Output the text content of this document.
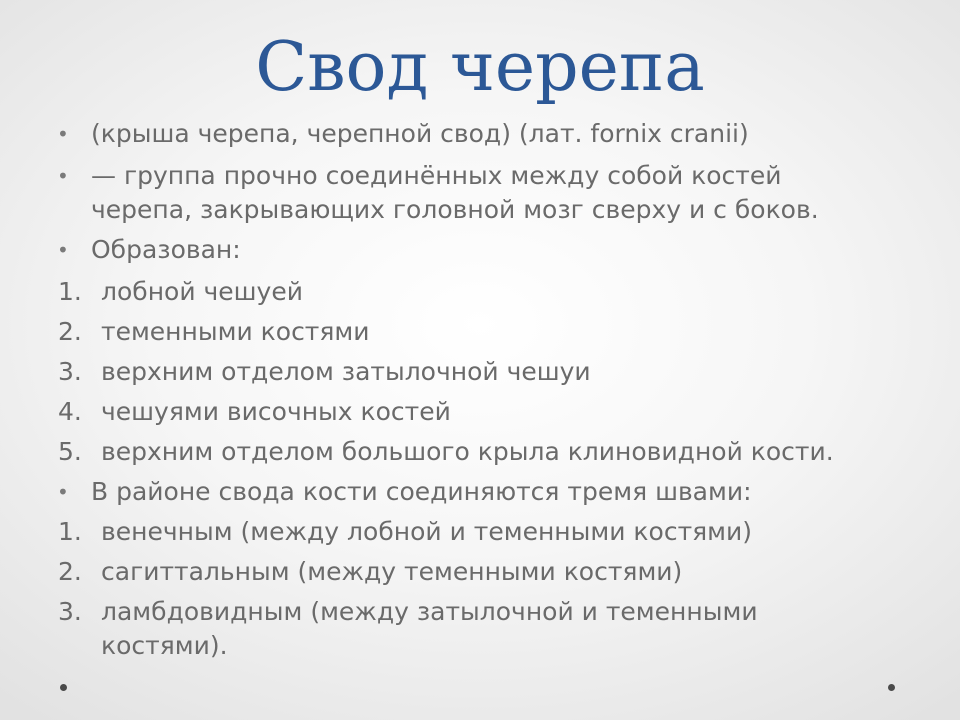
Свод черепа
• (крыша черепа, черепной свод) (лат. fornix cranii)
• — группа прочно соединённых между собой костей
черепа, закрывающих головной мозг сверху и с боков.
• Образован:
1. лобной чешуей
2. теменными костями
3. верхним отделом затылочной чешуи
4. чешуями височных костей
5. верхним отделом большого крыла клиновидной кости.
• В районе свода кости соединяются тремя швами:
1. венечным (между лобной и теменными костями)
2. сагиттальным (между теменными костями)
3. ламбдовидным (между затылочной и теменными
костями).
